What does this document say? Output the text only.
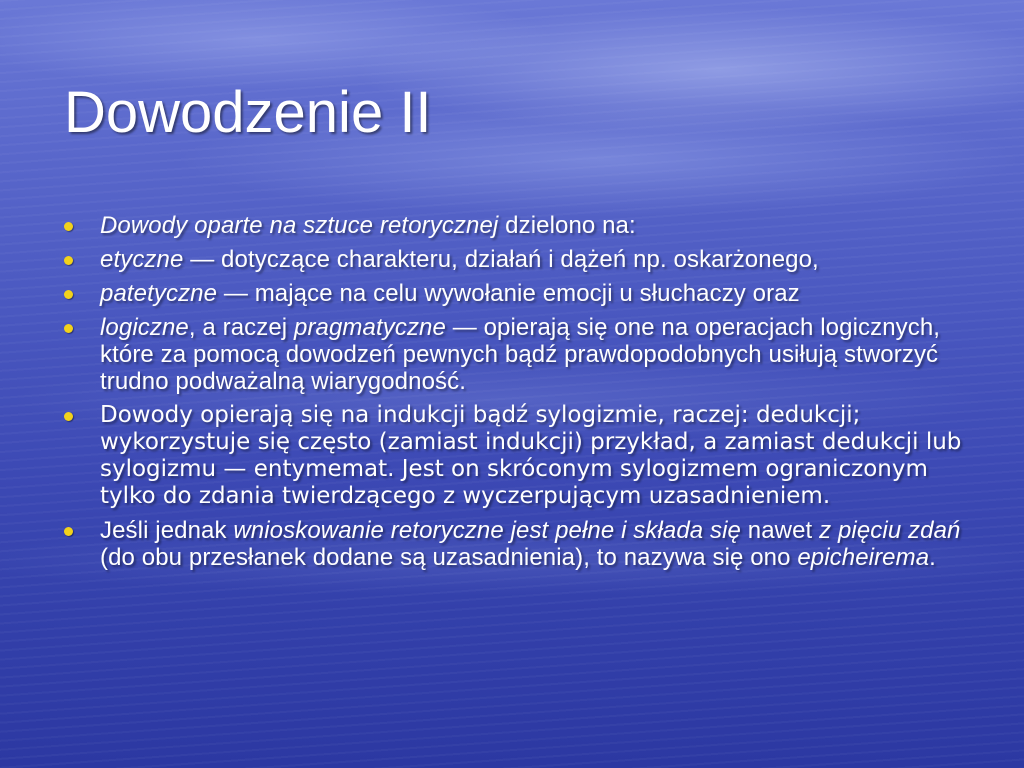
Dowodzenie II
Dowody oparte na sztuce retorycznej dzielono na:
etyczne — dotyczące charakteru, działań i dążeń np. oskarżonego,
patetyczne — mające na celu wywołanie emocji u słuchaczy oraz
logiczne, a raczej pragmatyczne — opierają się one na operacjach logicznych, które za pomocą dowodzeń pewnych bądź prawdopodobnych usiłują stworzyć trudno podważalną wiarygodność.
Dowody opierają się na indukcji bądź sylogizmie, raczej: dedukcji; wykorzystuje się często (zamiast indukcji) przykład, a zamiast dedukcji lub sylogizmu — entymemat. Jest on skróconym sylogizmem ograniczonym tylko do zdania twierdzącego z wyczerpującym uzasadnieniem.
Jeśli jednak wnioskowanie retoryczne jest pełne i składa się nawet z pięciu zdań (do obu przesłanek dodane są uzasadnienia), to nazywa się ono epicheirema.
